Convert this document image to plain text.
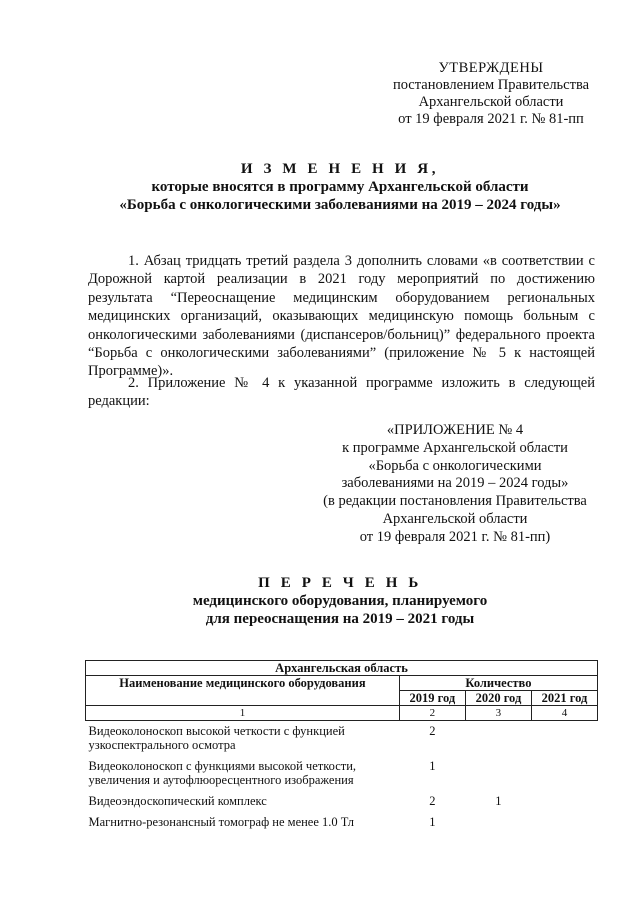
УТВЕРЖДЕНЫ
постановлением Правительства
Архангельской области
от 19 февраля 2021 г. № 81-пп
И З М Е Н Е Н И Я,
которые вносятся в программу Архангельской области
«Борьба с онкологическими заболеваниями на 2019 – 2024 годы»
1. Абзац тридцать третий раздела 3 дополнить словами «в соответствии с Дорожной картой реализации в 2021 году мероприятий по достижению результата “Переоснащение медицинским оборудованием региональных медицинских организаций, оказывающих медицинскую помощь больным с онкологическими заболеваниями (диспансеров/больниц)” федерального проекта “Борьба с онкологическими заболеваниями” (приложение № 5 к настоящей Программе)».
2. Приложение № 4 к указанной программе изложить в следующей редакции:
«ПРИЛОЖЕНИЕ № 4
к программе Архангельской области
«Борьба с онкологическими
заболеваниями на 2019 – 2024 годы»
(в редакции постановления Правительства
Архангельской области
от 19 февраля 2021 г. № 81-пп)
П Е Р Е Ч Е Н Ь
медицинского оборудования, планируемого
для переоснащения на 2019 – 2021 годы
Архангельская область			
Наименование медицинского оборудования	Количество		
	2019 год	2020 год	2021 год
1	2	3	4
Видеоколоноскоп высокой четкости с функцией узкоспектрального осмотра	2		
Видеоколоноскоп с функциями высокой четкости, увеличения и аутофлюоресцентного изображения	1		
Видеоэндоскопический комплекс	2	1	
Магнитно-резонансный томограф не менее 1.0 Тл	1		
